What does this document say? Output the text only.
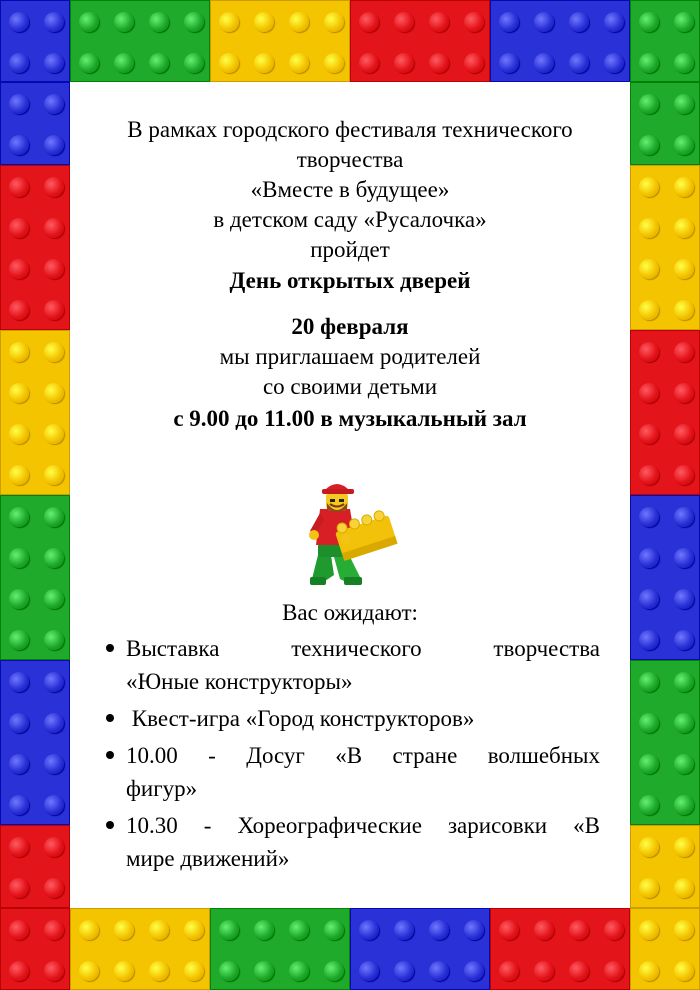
В рамках городского фестиваля технического
творчества
«Вместе в будущее»
в детском саду «Русалочка»
пройдет
День открытых дверей
20 февраля
мы приглашаем родителей
со своими детьми
с 9.00 до 11.00 в музыкальный зал
Вас ожидают:
Выставка технического творчества
«Юные конструкторы»
Квест-игра «Город конструкторов»
10.00 - Досуг «В стране волшебных
фигур»
10.30 - Хореографические зарисовки «В
мире движений»
